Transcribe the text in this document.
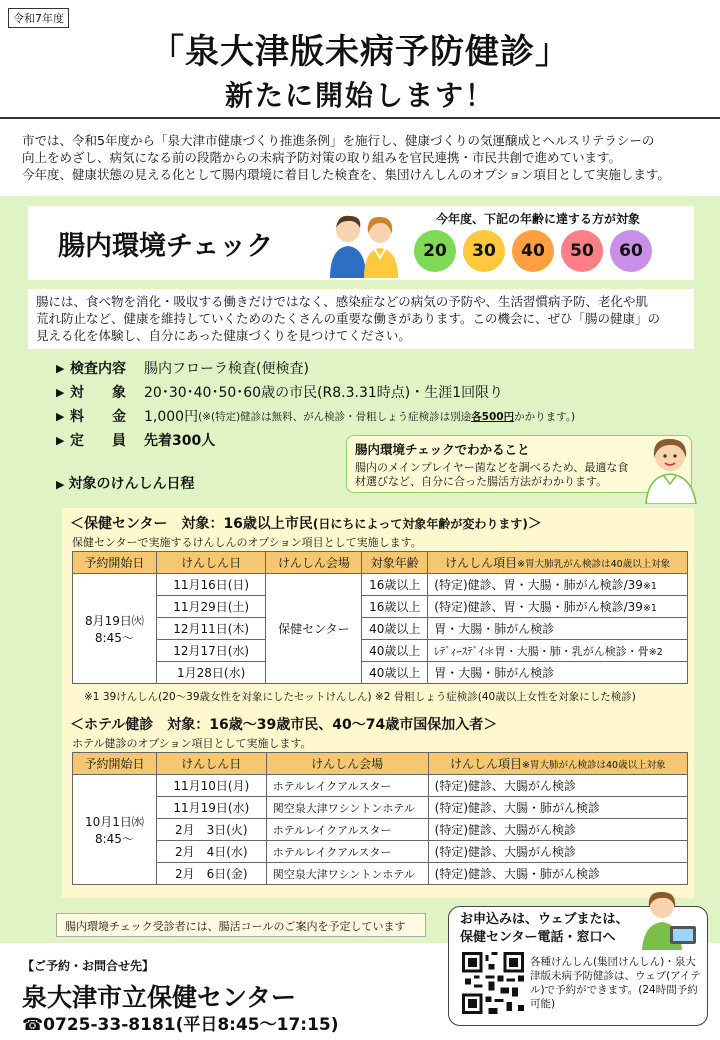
令和7年度
「泉大津版未病予防健診」
新たに開始します！
市では、令和5年度から「泉大津市健康づくり推進条例」を施行し、健康づくりの気運醸成とヘルスリテラシーの
向上をめざし、病気になる前の段階からの未病予防対策の取り組みを官民連携・市民共創で進めています。
今年度、健康状態の見える化として腸内環境に着目した検査を、集団けんしんのオプション項目として実施します。
腸内環境チェック
今年度、下記の年齢に達する方が対象
20	30	40	50	60
腸には、食べ物を消化・吸収する働きだけではなく、感染症などの病気の予防や、生活習慣病予防、老化や肌
荒れ防止など、健康を維持していくためのたくさんの重要な働きがあります。この機会に、ぜひ「腸の健康」の
見える化を体験し、自分にあった健康づくりを見つけてください。
▶ 検査内容	腸内フローラ検査(便検査)
▶ 対　　象	20･30･40･50･60歳の市民(R8.3.31時点)・生涯1回限り
▶ 料　　金	1,000円 (※(特定)健診は無料、がん検診・骨粗しょう症検診は別途 各500円 かかります。)
▶ 定　　員	先着300人
▶ 対象のけんしん日程
腸内環境チェックでわかること
腸内のメインプレイヤー菌などを調べるため、最適な食材選びなど、自分に合った腸活方法がわかります。
＜保健センター　対象：16歳以上市民(日にちによって対象年齢が変わります)＞
保健センターで実施するけんしんのオプション項目として実施します。
予約開始日	けんしん日	けんしん会場	対象年齢	けんしん項目※胃大肺乳がん検診は40歳以上対象

8月19日㈫
8:45～	11月16日(日)	保健センター	16歳以上	(特定)健診、胃・大腸・肺がん検診/39※1
	11月29日(土)		16歳以上	(特定)健診、胃・大腸・肺がん検診/39※1
	12月11日(木)		40歳以上	胃・大腸・肺がん検診
	12月17日(水)		40歳以上	ﾚﾃﾞｨｰｽﾃﾞｲ＊胃・大腸・肺・乳がん検診・骨※2
	1月28日(水)		40歳以上	胃・大腸・肺がん検診
※1 39けんしん(20～39歳女性を対象にしたセットけんしん) ※2 骨粗しょう症検診(40歳以上女性を対象にした検診)
＜ホテル健診　対象：16歳～39歳市民、40～74歳市国保加入者＞
ホテル健診のオプション項目として実施します。
予約開始日	けんしん日	けんしん会場	けんしん項目※胃大肺がん検診は40歳以上対象

10月1日㈬
8:45～	11月10日(月)	ホテルレイクアルスター	(特定)健診、大腸がん検診
	11月19日(水)	関空泉大津ワシントンホテル	(特定)健診、大腸・肺がん検診
	2月　3日(火)	ホテルレイクアルスター	(特定)健診、大腸がん検診
	2月　4日(水)	ホテルレイクアルスター	(特定)健診、大腸がん検診
	2月　6日(金)	関空泉大津ワシントンホテル	(特定)健診、大腸・肺がん検診
腸内環境チェック受診者には、腸活コールのご案内を予定しています	お申込みは、ウェブまたは、
保健センター電話・窓口へ
各種けんしん(集団けんしん)・泉大津版未病予防健診は、ウェブ(アイテル)で予約ができます。(24時間予約可能)
【ご予約・お問合せ先】
泉大津市立保健センター
☎0725-33-8181(平日8:45～17:15)
